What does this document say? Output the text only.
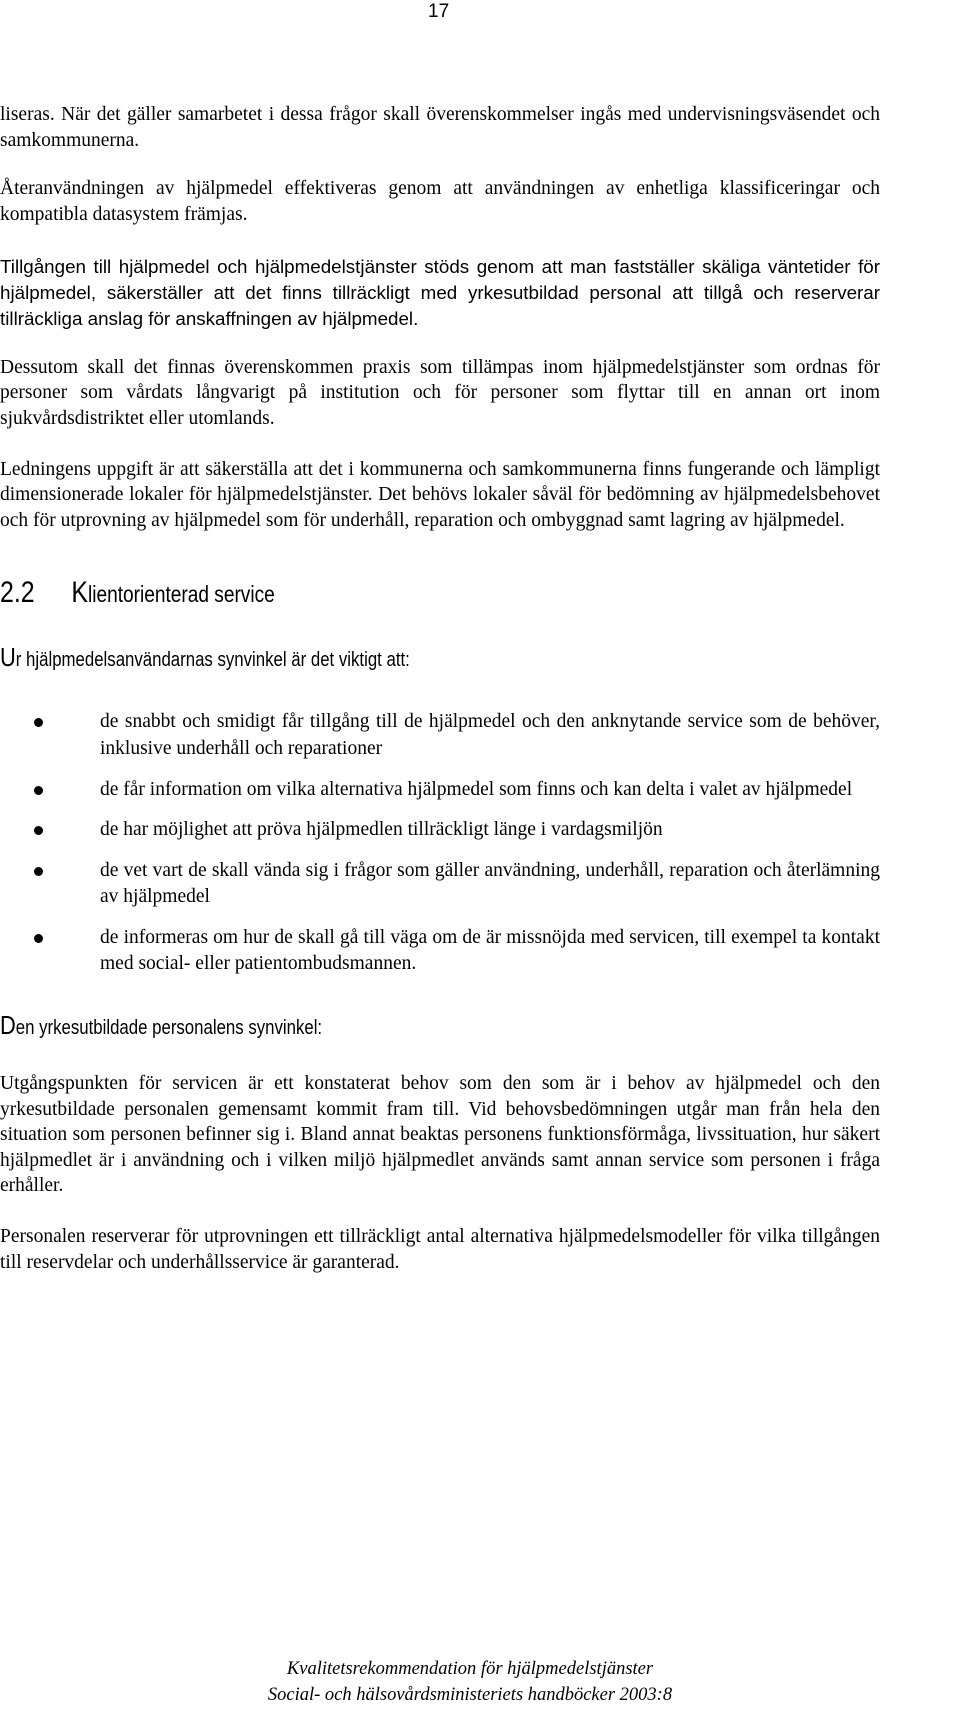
17

liseras. När det gäller samarbetet i dessa frågor skall överenskommelser ingås med undervisningsväsendet och samkommunerna.

Återanvändningen av hjälpmedel effektiveras genom att användningen av enhetliga klassificeringar och kompatibla datasystem främjas.

Tillgången till hjälpmedel och hjälpmedelstjänster stöds genom att man fastställer skäliga väntetider för hjälpmedel, säkerställer att det finns tillräckligt med yrkesutbildad personal att tillgå och reserverar tillräckliga anslag för anskaffningen av hjälpmedel.

Dessutom skall det finnas överenskommen praxis som tillämpas inom hjälpmedelstjänster som ordnas för personer som vårdats långvarigt på institution och för personer som flyttar till en annan ort inom sjukvårdsdistriktet eller utomlands.

Ledningens uppgift är att säkerställa att det i kommunerna och samkommunerna finns fungerande och lämpligt dimensionerade lokaler för hjälpmedelstjänster. Det behövs lokaler såväl för bedömning av hjälpmedelsbehovet och för utprovning av hjälpmedel som för underhåll, reparation och ombyggnad samt lagring av hjälpmedel.

2.2 Klientorienterad service
Ur hjälpmedelsanvändarnas synvinkel är det viktigt att:
de snabbt och smidigt får tillgång till de hjälpmedel och den anknytande service som de behöver, inklusive underhåll och reparationer
de får information om vilka alternativa hjälpmedel som finns och kan delta i valet av hjälpmedel
de har möjlighet att pröva hjälpmedlen tillräckligt länge i vardagsmiljön
de vet vart de skall vända sig i frågor som gäller användning, underhåll, reparation och återlämning av hjälpmedel
de informeras om hur de skall gå till väga om de är missnöjda med servicen, till exempel ta kontakt med social- eller patientombudsmannen.
Den yrkesutbildade personalens synvinkel:

Utgångspunkten för servicen är ett konstaterat behov som den som är i behov av hjälpmedel och den yrkesutbildade personalen gemensamt kommit fram till. Vid behovsbedömningen utgår man från hela den situation som personen befinner sig i. Bland annat beaktas personens funktionsförmåga, livssituation, hur säkert hjälpmedlet är i användning och i vilken miljö hjälpmedlet används samt annan service som personen i fråga erhåller.

Personalen reserverar för utprovningen ett tillräckligt antal alternativa hjälpmedelsmodeller för vilka tillgången till reservdelar och underhållsservice är garanterad.

Kvalitetsrekommendation för hjälpmedelstjänster
Social- och hälsovårdsministeriets handböcker 2003:8
